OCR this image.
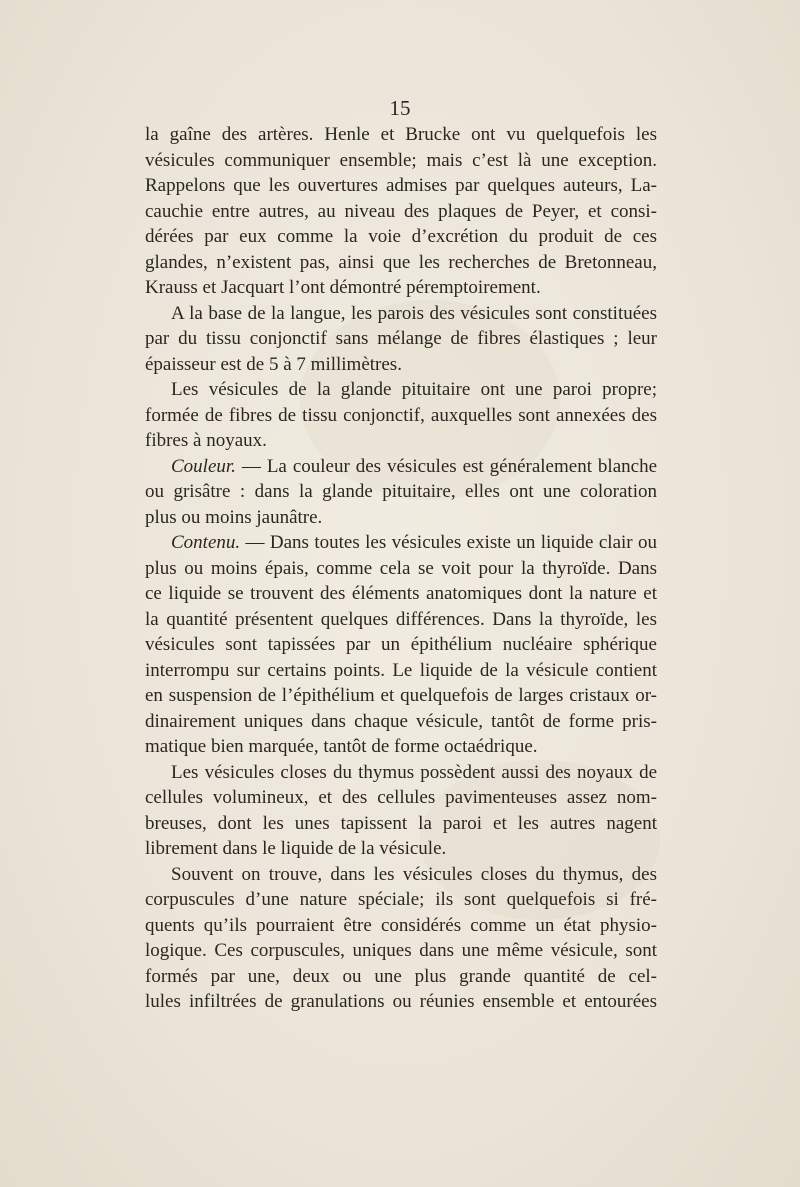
15

la gaîne des artères. Henle et Brucke ont vu quelquefois les
vésicules communiquer ensemble; mais c’est là une exception.
Rappelons que les ouvertures admises par quelques auteurs, La-
cauchie entre autres, au niveau des plaques de Peyer, et consi-
dérées par eux comme la voie d’excrétion du produit de ces
glandes, n’existent pas, ainsi que les recherches de Bretonneau,
Krauss et Jacquart l’ont démontré péremptoirement.
A la base de la langue, les parois des vésicules sont constituées
par du tissu conjonctif sans mélange de fibres élastiques ; leur
épaisseur est de 5 à 7 millimètres.
Les vésicules de la glande pituitaire ont une paroi propre;
formée de fibres de tissu conjonctif, auxquelles sont annexées des
fibres à noyaux.
Couleur. — La couleur des vésicules est généralement blanche
ou grisâtre : dans la glande pituitaire, elles ont une coloration
plus ou moins jaunâtre.
Contenu. — Dans toutes les vésicules existe un liquide clair ou
plus ou moins épais, comme cela se voit pour la thyroïde. Dans
ce liquide se trouvent des éléments anatomiques dont la nature et
la quantité présentent quelques différences. Dans la thyroïde, les
vésicules sont tapissées par un épithélium nucléaire sphérique
interrompu sur certains points. Le liquide de la vésicule contient
en suspension de l’épithélium et quelquefois de larges cristaux or-
dinairement uniques dans chaque vésicule, tantôt de forme pris-
matique bien marquée, tantôt de forme octaédrique.
Les vésicules closes du thymus possèdent aussi des noyaux de
cellules volumineux, et des cellules pavimenteuses assez nom-
breuses, dont les unes tapissent la paroi et les autres nagent
librement dans le liquide de la vésicule.
Souvent on trouve, dans les vésicules closes du thymus, des
corpuscules d’une nature spéciale; ils sont quelquefois si fré-
quents qu’ils pourraient être considérés comme un état physio-
logique. Ces corpuscules, uniques dans une même vésicule, sont
formés par une, deux ou une plus grande quantité de cel-
lules infiltrées de granulations ou réunies ensemble et entourées
